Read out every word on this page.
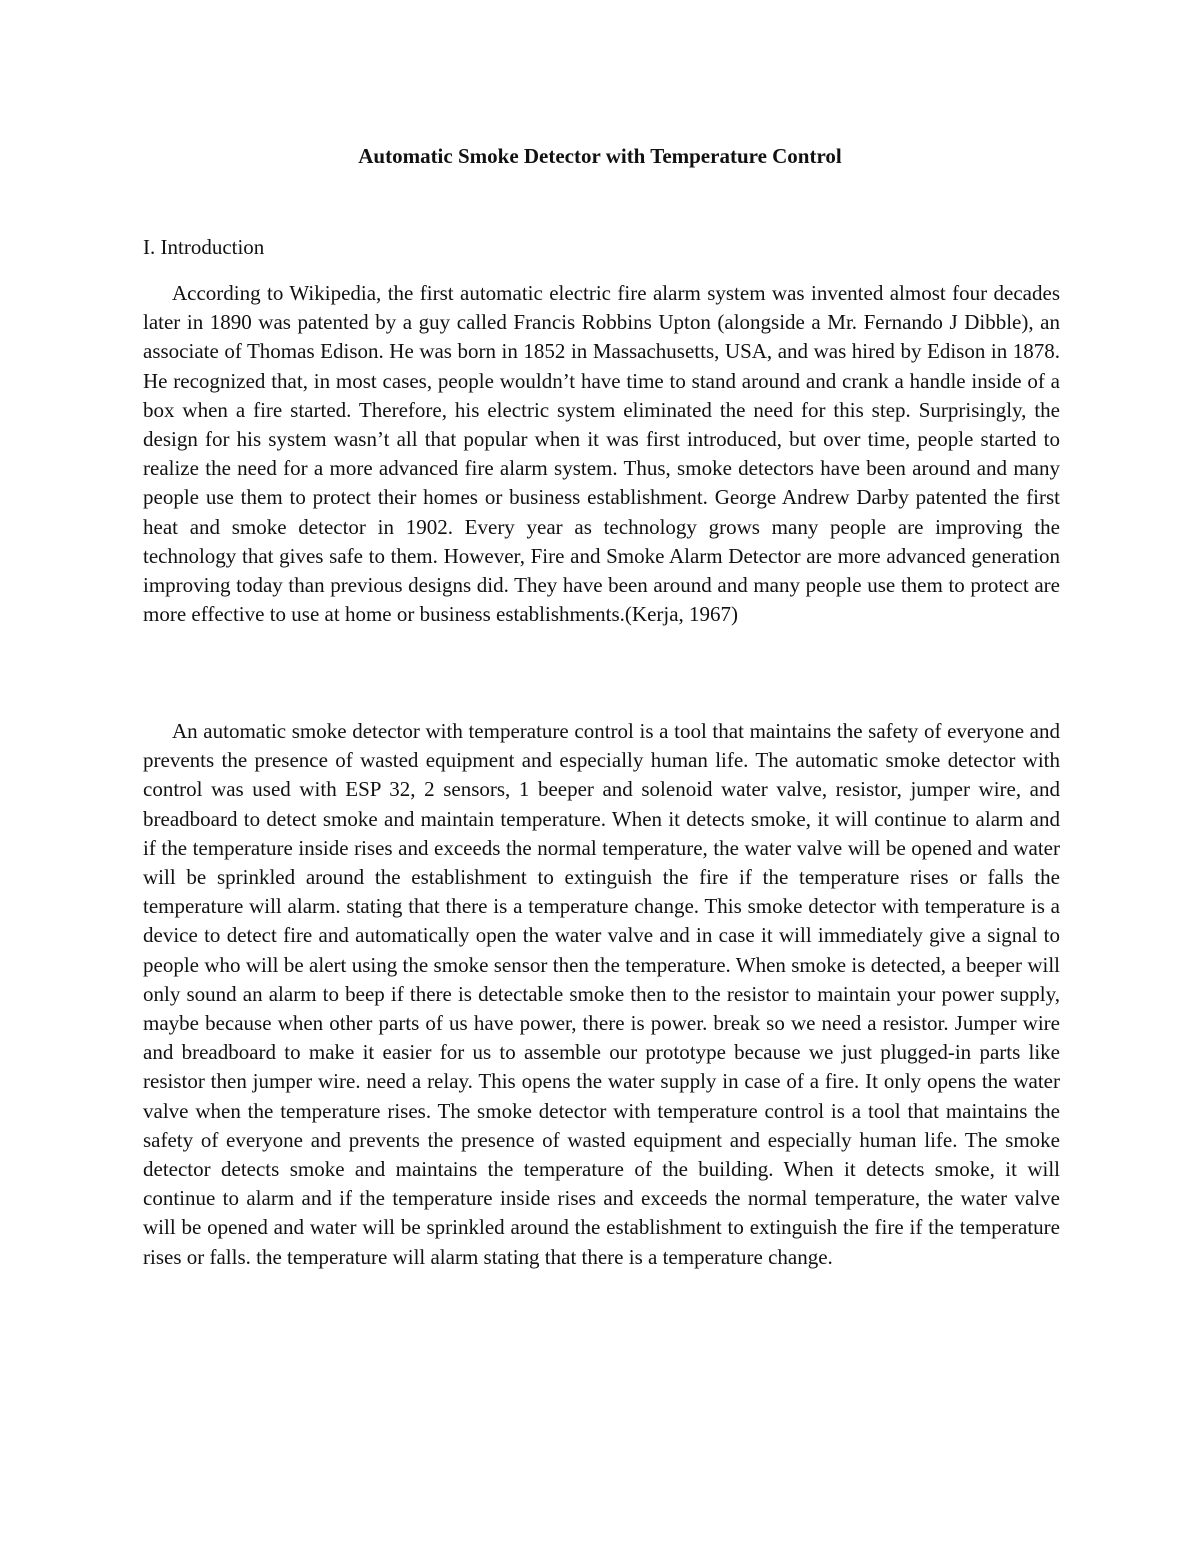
Automatic Smoke Detector with Temperature Control
I. Introduction

According to Wikipedia, the first automatic electric fire alarm system was invented almost four decades later in 1890 was patented by a guy called Francis Robbins Upton (alongside a Mr. Fernando J Dibble), an associate of Thomas Edison. He was born in 1852 in Massachusetts, USA, and was hired by Edison in 1878. He recognized that, in most cases, people wouldn’t have time to stand around and crank a handle inside of a box when a fire started. Therefore, his electric system eliminated the need for this step. Surprisingly, the design for his system wasn’t all that popular when it was first introduced, but over time, people started to realize the need for a more advanced fire alarm system. Thus, smoke detectors have been around and many people use them to protect their homes or business establishment. George Andrew Darby patented the first heat and smoke detector in 1902. Every year as technology grows many people are improving the technology that gives safe to them. However, Fire and Smoke Alarm Detector are more advanced generation improving today than previous designs did. They have been around and many people use them to protect are more effective to use at home or business establishments.(Kerja, 1967)

An automatic smoke detector with temperature control is a tool that maintains the safety of everyone and prevents the presence of wasted equipment and especially human life. The automatic smoke detector with control was used with ESP 32, 2 sensors, 1 beeper and solenoid water valve, resistor, jumper wire, and breadboard to detect smoke and maintain temperature. When it detects smoke, it will continue to alarm and if the temperature inside rises and exceeds the normal temperature, the water valve will be opened and water will be sprinkled around the establishment to extinguish the fire if the temperature rises or falls the temperature will alarm. stating that there is a temperature change. This smoke detector with temperature is a device to detect fire and automatically open the water valve and in case it will immediately give a signal to people who will be alert using the smoke sensor then the temperature. When smoke is detected, a beeper will only sound an alarm to beep if there is detectable smoke then to the resistor to maintain your power supply, maybe because when other parts of us have power, there is power. break so we need a resistor. Jumper wire and breadboard to make it easier for us to assemble our prototype because we just plugged-in parts like resistor then jumper wire. need a relay. This opens the water supply in case of a fire. It only opens the water valve when the temperature rises. The smoke detector with temperature control is a tool that maintains the safety of everyone and prevents the presence of wasted equipment and especially human life. The smoke detector detects smoke and maintains the temperature of the building. When it detects smoke, it will continue to alarm and if the temperature inside rises and exceeds the normal temperature, the water valve will be opened and water will be sprinkled around the establishment to extinguish the fire if the temperature rises or falls. the temperature will alarm stating that there is a temperature change.
